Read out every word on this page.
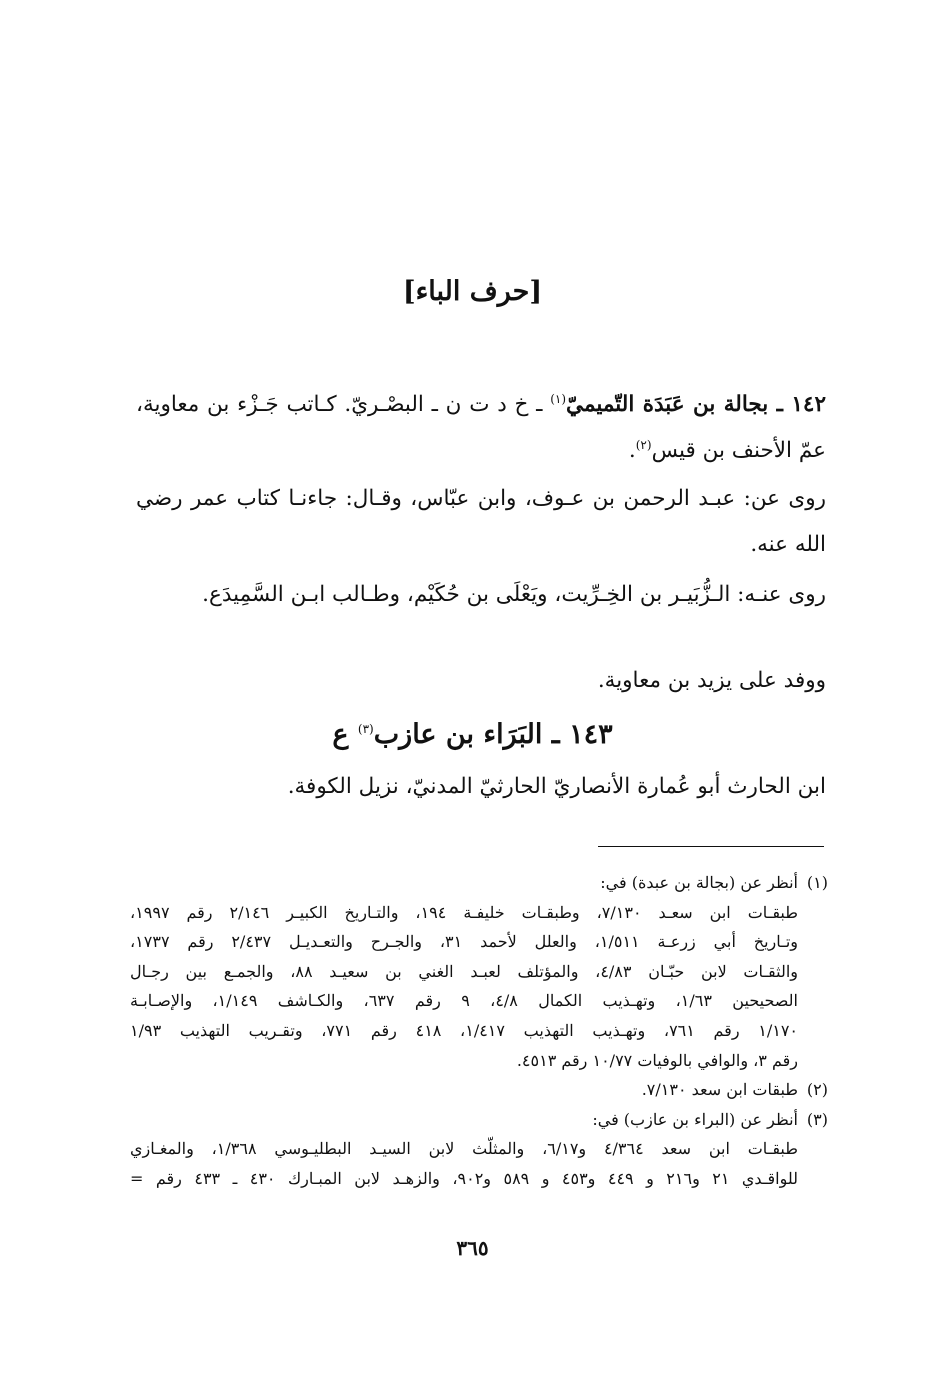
[حرف الباء]

١٤٢ ـ بجالة بن عَبَدَة التّميميّ$^{(١)}$ ـ خ د ت ن ـ البصْـريّ. كـاتب جَـزْء بن معاوية، عمّ الأحنف بن قيس$^{(٢)}$.

روى عن: عبـد الرحمن بن عـوف، وابن عبّاس، وقـال: جاءنـا كتاب عمر رضي الله عنه.

روى عنـه: الـزُّبَيـر بن الخِـرِّيت، ويَعْلَى بن حُكَيْم، وطـالب ابـن السَّمِيدَع.

ووفد على يزيد بن معاوية.

١٤٣ ـ البَرَاء بن عازب$^{(٣)}$ ع

ابن الحارث أبو عُمارة الأنصاريّ الحارثيّ المدنيّ، نزيل الكوفة.

(١)
أنظر عن (بجالة بن عبدة) في:
طبقـات ابن سعـد ٧/١٣٠، وطبقـات خليفـة ١٩٤، والتـاريخ الكبيـر ٢/١٤٦ رقم ١٩٩٧،
وتـاريخ أبي زرعـة ١/٥١١، والعلل لأحمد ٣١، والجـرح والتعـديـل ٢/٤٣٧ رقم ١٧٣٧،
والثقـات لابن حبّـان ٤/٨٣، والمؤتلف لعبـد الغني بن سعيـد ٨٨، والجمـع بين رجـال
الصحيحين ١/٦٣، وتهـذيب الكمال ٤/٨، ٩ رقم ٦٣٧، والكـاشف ١/١٤٩، والإصـابـة
١/١٧٠ رقم ٧٦١، وتهـذيب التهذيب ١/٤١٧، ٤١٨ رقم ٧٧١، وتقـريب التهذيب ١/٩٣
رقم ٣، والوافي بالوفيات ١٠/٧٧ رقم ٤٥١٣.
(٢)
طبقات ابن سعد ٧/١٣٠.
(٣)
أنظر عن (البراء بن عازب) في:
طبقـات ابن سعد ٤/٣٦٤ و٦/١٧، والمثلّث لابن السيـد البطليـوسي ١/٣٦٨، والمغـازي
للواقـدي ٢١ و٢١٦ و ٤٤٩ و٤٥٣ و ٥٨٩ و٩٠٢، والزهـد لابن المبـارك ٤٣٠ ـ ٤٣٣ رقم =
٣٦٥
